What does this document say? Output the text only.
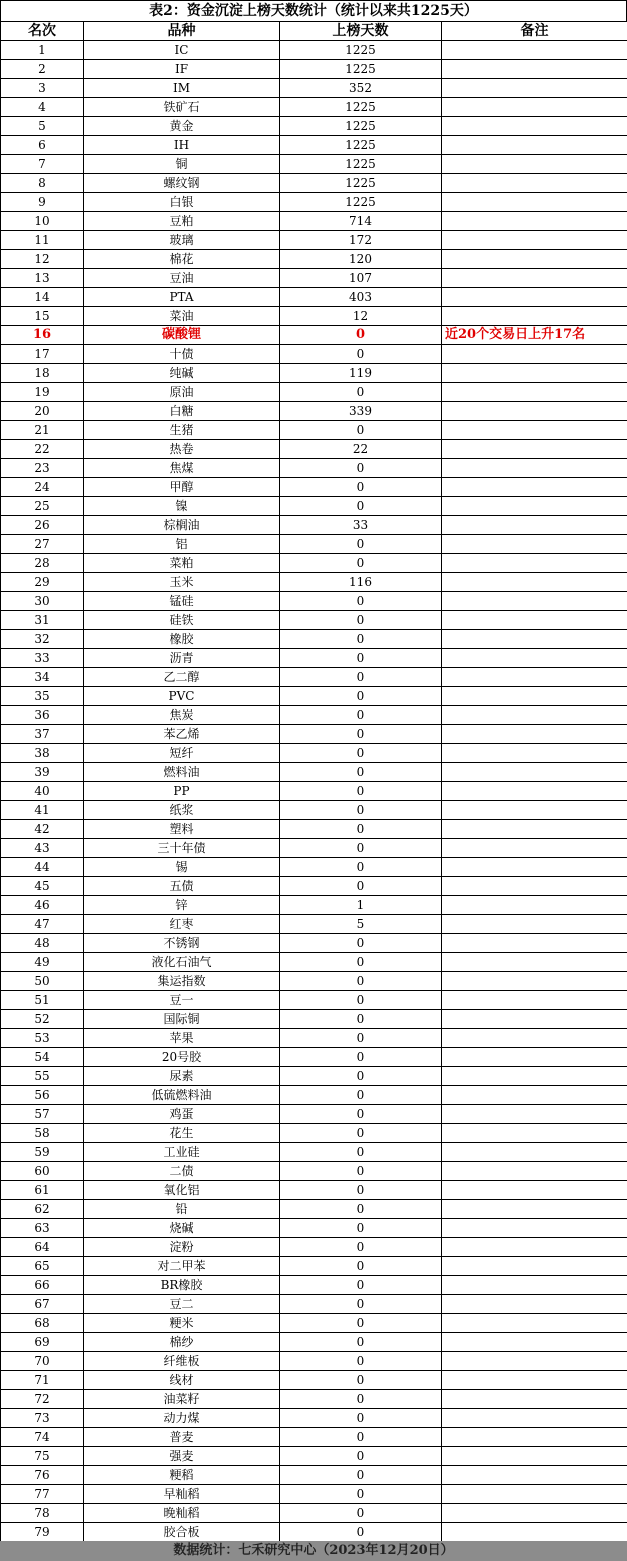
表2：资金沉淀上榜天数统计（统计以来共1225天）
名次	品种	上榜天数	备注
1	IC	1225	
2	IF	1225	
3	IM	352	
4	铁矿石	1225	
5	黄金	1225	
6	IH	1225	
7	铜	1225	
8	螺纹钢	1225	
9	白银	1225	
10	豆粕	714	
11	玻璃	172	
12	棉花	120	
13	豆油	107	
14	PTA	403	
15	菜油	12	
16	碳酸锂	0	近20个交易日上升17名
17	十债	0	
18	纯碱	119	
19	原油	0	
20	白糖	339	
21	生猪	0	
22	热卷	22	
23	焦煤	0	
24	甲醇	0	
25	镍	0	
26	棕榈油	33	
27	铝	0	
28	菜粕	0	
29	玉米	116	
30	锰硅	0	
31	硅铁	0	
32	橡胶	0	
33	沥青	0	
34	乙二醇	0	
35	PVC	0	
36	焦炭	0	
37	苯乙烯	0	
38	短纤	0	
39	燃料油	0	
40	PP	0	
41	纸浆	0	
42	塑料	0	
43	三十年债	0	
44	锡	0	
45	五债	0	
46	锌	1	
47	红枣	5	
48	不锈钢	0	
49	液化石油气	0	
50	集运指数	0	
51	豆一	0	
52	国际铜	0	
53	苹果	0	
54	20号胶	0	
55	尿素	0	
56	低硫燃料油	0	
57	鸡蛋	0	
58	花生	0	
59	工业硅	0	
60	二债	0	
61	氧化铝	0	
62	铅	0	
63	烧碱	0	
64	淀粉	0	
65	对二甲苯	0	
66	BR橡胶	0	
67	豆二	0	
68	粳米	0	
69	棉纱	0	
70	纤维板	0	
71	线材	0	
72	油菜籽	0	
73	动力煤	0	
74	普麦	0	
75	强麦	0	
76	粳稻	0	
77	早籼稻	0	
78	晚籼稻	0	
79	胶合板	0	
数据统计：七禾研究中心（2023年12月20日）
